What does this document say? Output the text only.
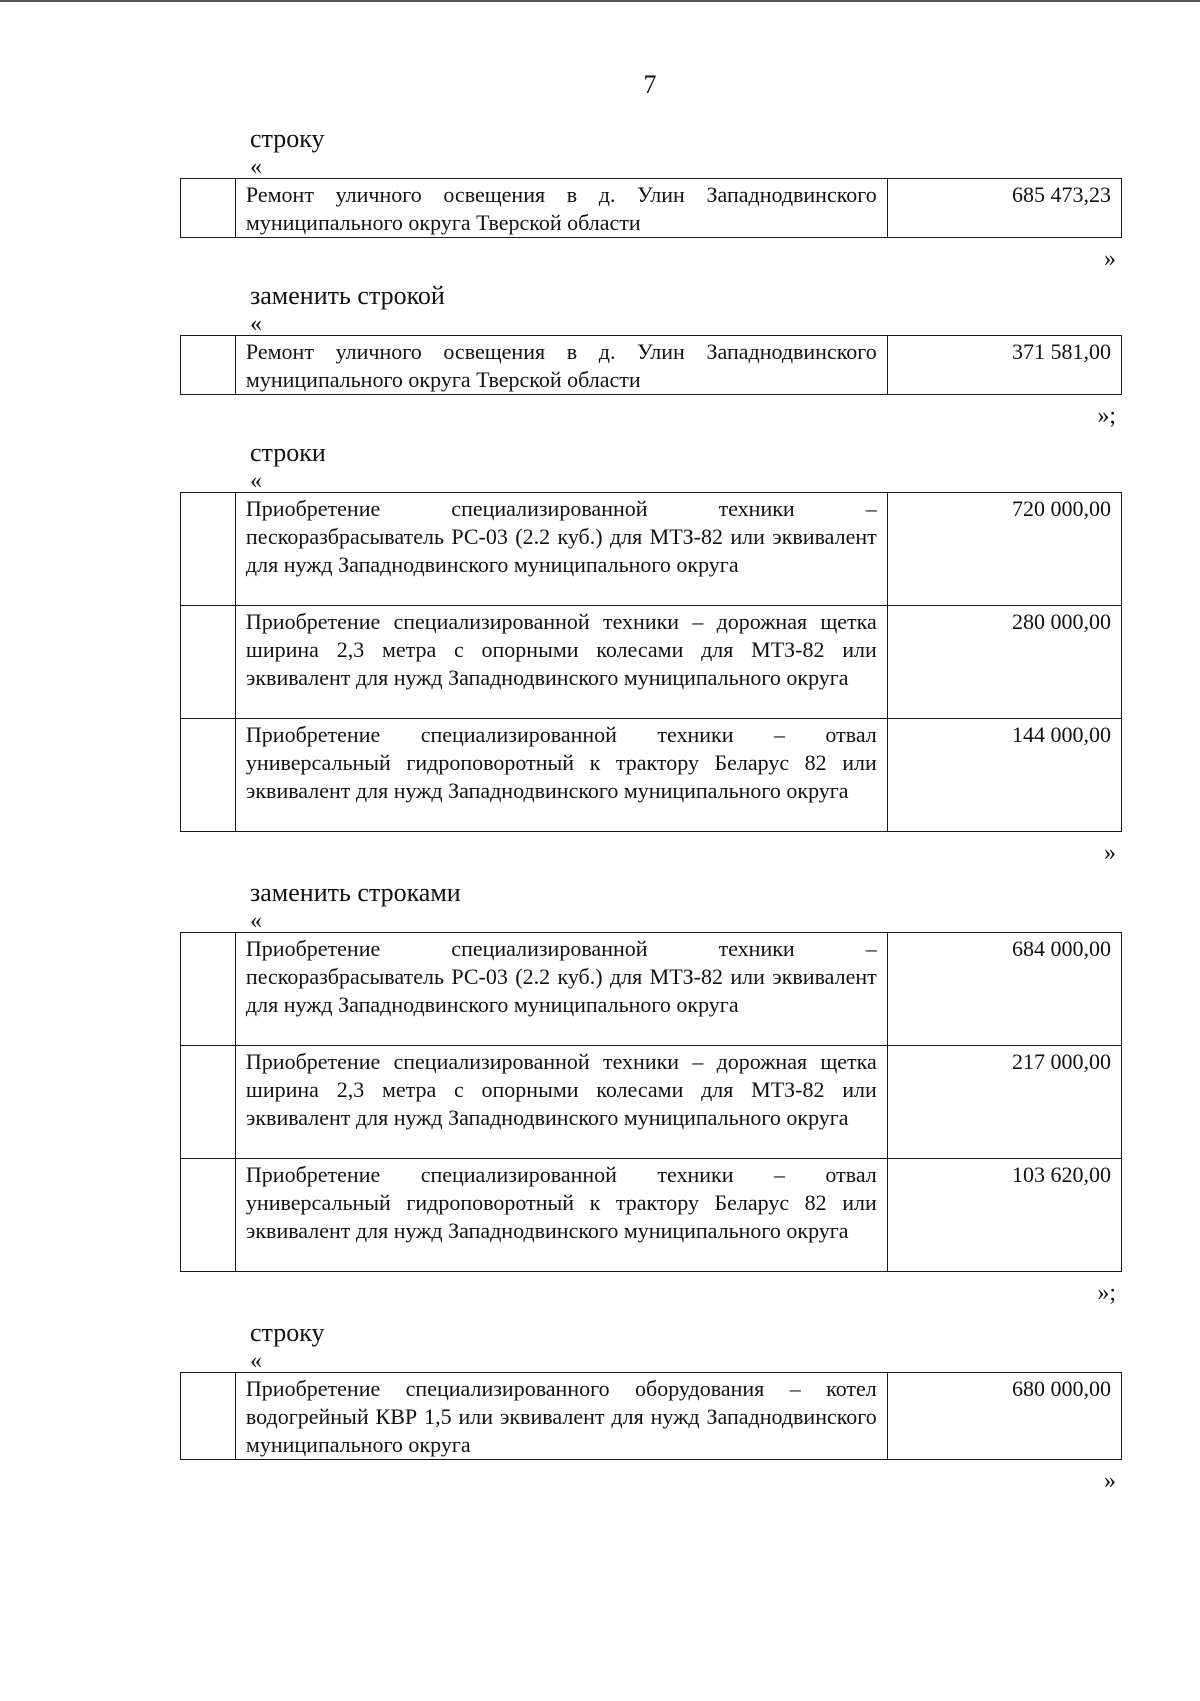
7
строку
«
	Ремонт уличного освещения в д. Улин Западнодвинского муниципального округа Тверской области	685 473,23
»
заменить строкой
«
	Ремонт уличного освещения в д. Улин Западнодвинского муниципального округа Тверской области	371 581,00
»;
строки
«
	Приобретение специализированной техники – пескоразбрасыватель РС-03 (2.2 куб.) для МТЗ-82 или эквивалент для нужд Западнодвинского муниципального округа	720 000,00
	Приобретение специализированной техники – дорожная щетка ширина 2,3 метра с опорными колесами для МТЗ-82 или эквивалент для нужд Западнодвинского муниципального округа	280 000,00
	Приобретение специализированной техники – отвал универсальный гидроповоротный к трактору Беларус 82 или эквивалент для нужд Западнодвинского муниципального округа	144 000,00
»
заменить строками
«
	Приобретение специализированной техники – пескоразбрасыватель РС-03 (2.2 куб.) для МТЗ-82 или эквивалент для нужд Западнодвинского муниципального округа	684 000,00
	Приобретение специализированной техники – дорожная щетка ширина 2,3 метра с опорными колесами для МТЗ-82 или эквивалент для нужд Западнодвинского муниципального округа	217 000,00
	Приобретение специализированной техники – отвал универсальный гидроповоротный к трактору Беларус 82 или эквивалент для нужд Западнодвинского муниципального округа	103 620,00
»;
строку
«
	Приобретение специализированного оборудования – котел водогрейный КВР 1,5 или эквивалент для нужд Западнодвинского муниципального округа	680 000,00
»
